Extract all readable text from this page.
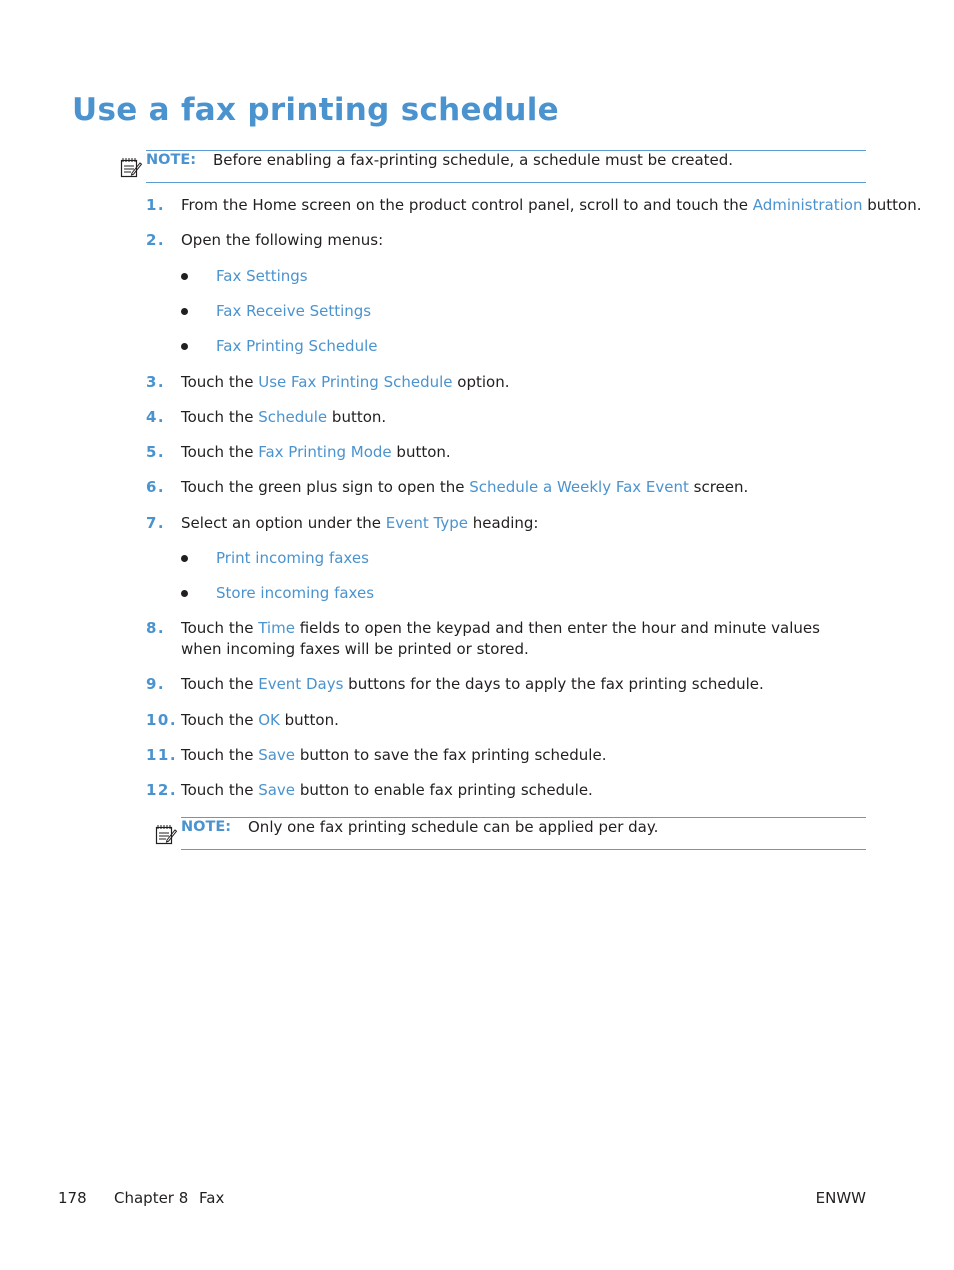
Use a fax printing schedule
NOTE: Before enabling a fax-printing schedule, a schedule must be created.
1. From the Home screen on the product control panel, scroll to and touch the Administration button.
2. Open the following menus:
Fax Settings
Fax Receive Settings
Fax Printing Schedule
3. Touch the Use Fax Printing Schedule option.
4. Touch the Schedule button.
5. Touch the Fax Printing Mode button.
6. Touch the green plus sign to open the Schedule a Weekly Fax Event screen.
7. Select an option under the Event Type heading:
Print incoming faxes
Store incoming faxes
8. Touch the Time fields to open the keypad and then enter the hour and minute values when incoming faxes will be printed or stored.
9. Touch the Event Days buttons for the days to apply the fax printing schedule.
10. Touch the OK button.
11. Touch the Save button to save the fax printing schedule.
12. Touch the Save button to enable fax printing schedule.
NOTE: Only one fax printing schedule can be applied per day.
178 Chapter 8 Fax	ENWW
